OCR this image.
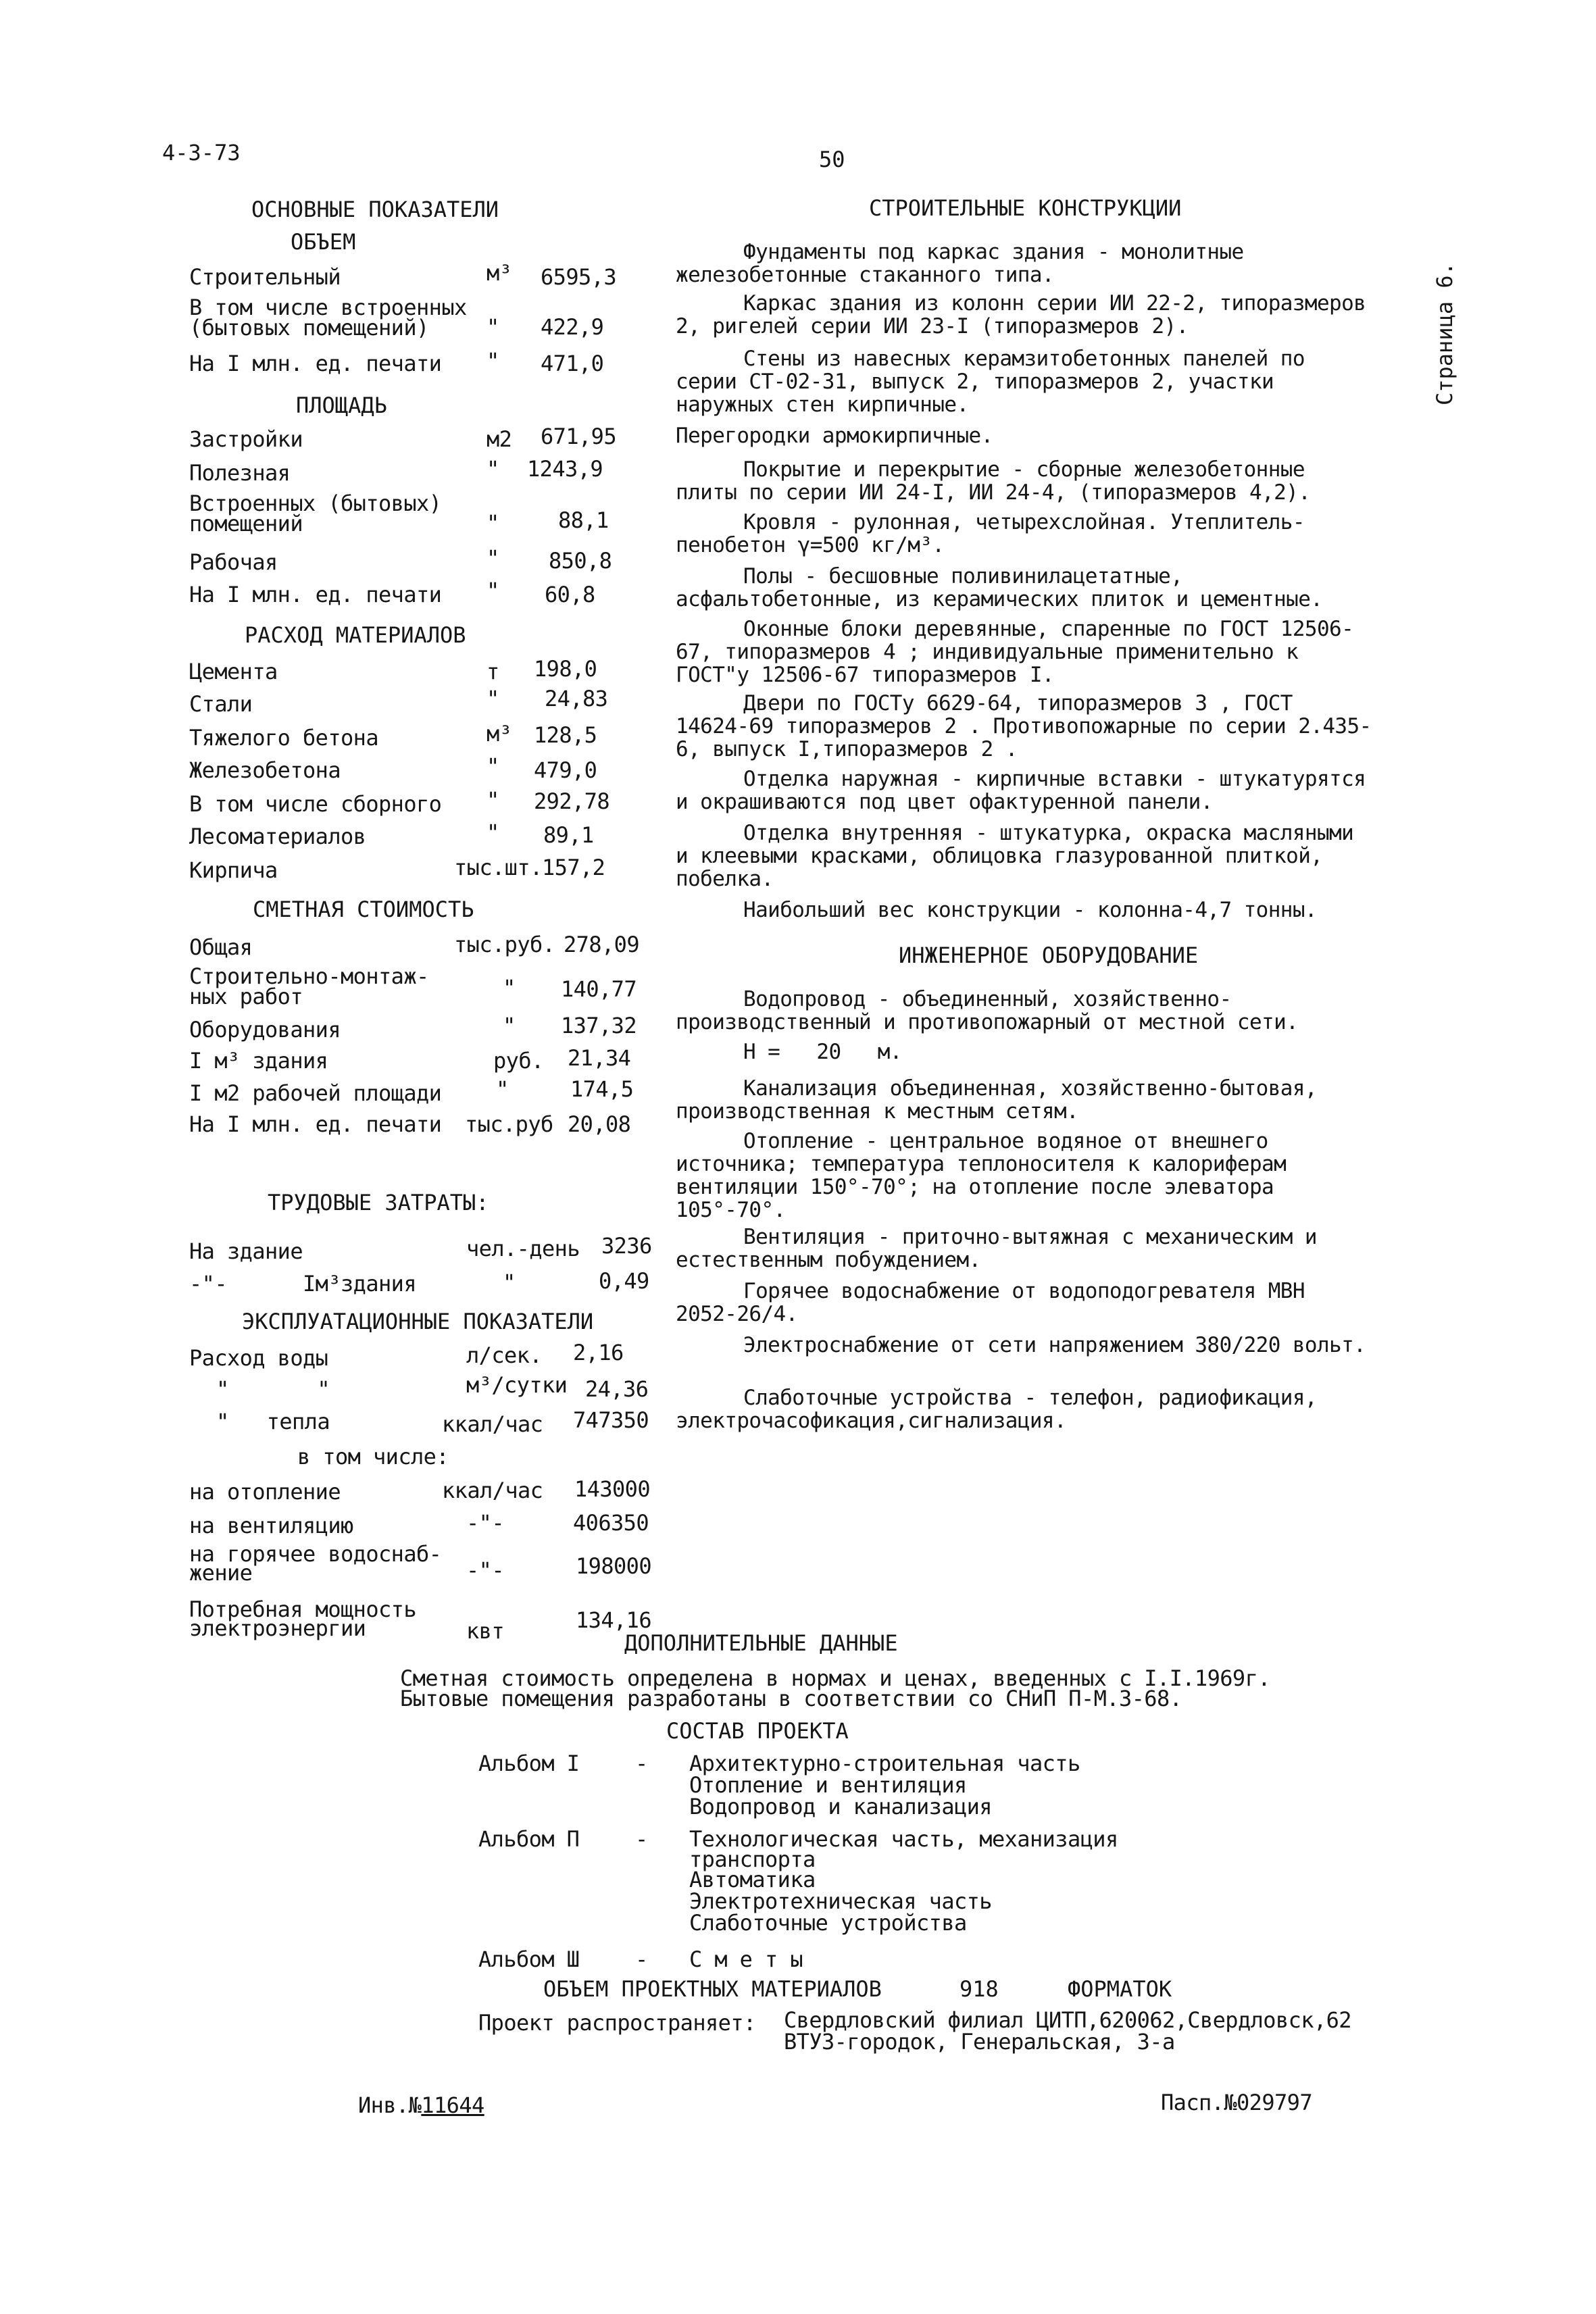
4-3-73	50
Страница 6.
ОСНОВНЫЕ ПОКАЗАТЕЛИ
ОБЪЕМ
Строительный	м³ 6595,3
В том числе встроенных
(бытовых помещений)	" 422,9
На I млн. ед. печати " 471,0
ПЛОЩАДЬ
Застройки	м2 671,95
Полезная	" 1243,9
Встроенных (бытовых)
помещений	"	88,1
Рабочая	" 850,8
На I млн. ед. печати " 60,8
РАСХОД МАТЕРИАЛОВ
Цемента	т 198,0
Стали	" 24,83
Тяжелого бетона	м³ 128,5
Железобетона	" 479,0
В том числе сборного " 292,78
Лесоматериалов	" 89,1
Кирпича	тыс.шт. 157,2
СМЕТНАЯ СТОИМОСТЬ
Общая	тыс.руб. 278,09
Строительно-монтаж-
ных работ	" 140,77
Оборудования	" 137,32
I м³ здания	руб. 21,34
I м2 рабочей площади	"	174,5
На I млн. ед. печати тыс.руб 20,08
ТРУДОВЫЕ ЗАТРАТЫ:
На здание	чел.-день 3236
-"-      Iм³здания	"	0,49
ЭКСПЛУАТАЦИОННЫЕ ПОКАЗАТЕЛИ
Расход воды	л/сек. 2,16
"       "	м³/сутки 24,36
"   тепла	ккал/час 747350
в том числе:
на отопление	ккал/час 143000
на вентиляцию	-"-	406350
на горячее водоснаб-
жение	-"-	198000
Потребная мощность
электроэнергии	квт	134,16
СТРОИТЕЛЬНЫЕ КОНСТРУКЦИИ
Фундаменты под каркас здания - монолитные железобетонные стаканного типа.
Каркас здания из колонн серии ИИ 22-2, типоразмеров 2, ригелей серии ИИ 23-I (типоразмеров 2).
Стены из навесных керамзитобетонных панелей по серии СТ-02-31, выпуск 2, типоразмеров 2, участки наружных стен кирпичные.
Перегородки армокирпичные.
Покрытие и перекрытие - сборные железобетонные плиты по серии ИИ 24-I, ИИ 24-4, (типоразмеров 4,2).
Кровля - рулонная, четырехслойная. Утеплитель-пенобетон γ=500 кг/м³.
Полы - бесшовные поливинилацетатные, асфальтобетонные, из керамических плиток и цементные.
Оконные блоки деревянные, спаренные по ГОСТ 12506-67, типоразмеров 4 ; индивидуальные применительно к ГОСТ"у 12506-67 типоразмеров I.
Двери по ГОСТу 6629-64, типоразмеров 3 , ГОСТ 14624-69 типоразмеров 2 . Противопожарные по серии 2.435-6, выпуск I,типоразмеров 2 .
Отделка наружная - кирпичные вставки - штукатурятся и окрашиваются под цвет офактуренной панели.
Отделка внутренняя - штукатурка, окраска масляными и клеевыми красками, облицовка глазурованной плиткой, побелка.
Наибольший вес конструкции - колонна-4,7 тонны.
ИНЖЕНЕРНОЕ ОБОРУДОВАНИЕ
Водопровод - объединенный, хозяйственно-производственный и противопожарный от местной сети.
Н =   20   м.
Канализация объединенная, хозяйственно-бытовая, производственная к местным сетям.
Отопление - центральное водяное от внешнего источника; температура теплоносителя к калориферам вентиляции 150°-70°; на отопление после элеватора 105°-70°.
Вентиляция - приточно-вытяжная с механическим и естественным побуждением.
Горячее водоснабжение от водоподогревателя МВН 2052-26/4.
Электроснабжение от сети напряжением 380/220 вольт.
Слаботочные устройства - телефон, радиофикация, электрочасофикация,сигнализация.
ДОПОЛНИТЕЛЬНЫЕ ДАННЫЕ
Сметная стоимость определена в нормах и ценах, введенных с I.I.1969г.
Бытовые помещения разработаны в соответствии со СНиП П-М.3-68.
СОСТАВ ПРОЕКТА
Альбом I	- Архитектурно-строительная часть
Отопление и вентиляция
Водопровод и канализация
Альбом П	- Технологическая часть, механизация
транспорта
Автоматика
Электротехническая часть
Слаботочные устройства
Альбом Ш	- С м е т ы
ОБЪЕМ ПРОЕКТНЫХ МАТЕРИАЛОВ	918	ФОРМАТОК
Проект распространяет: Свердловский филиал ЦИТП,620062,Свердловск,62
ВТУЗ-городок, Генеральская, 3-а
Инв.№11644	Пасп.№029797
